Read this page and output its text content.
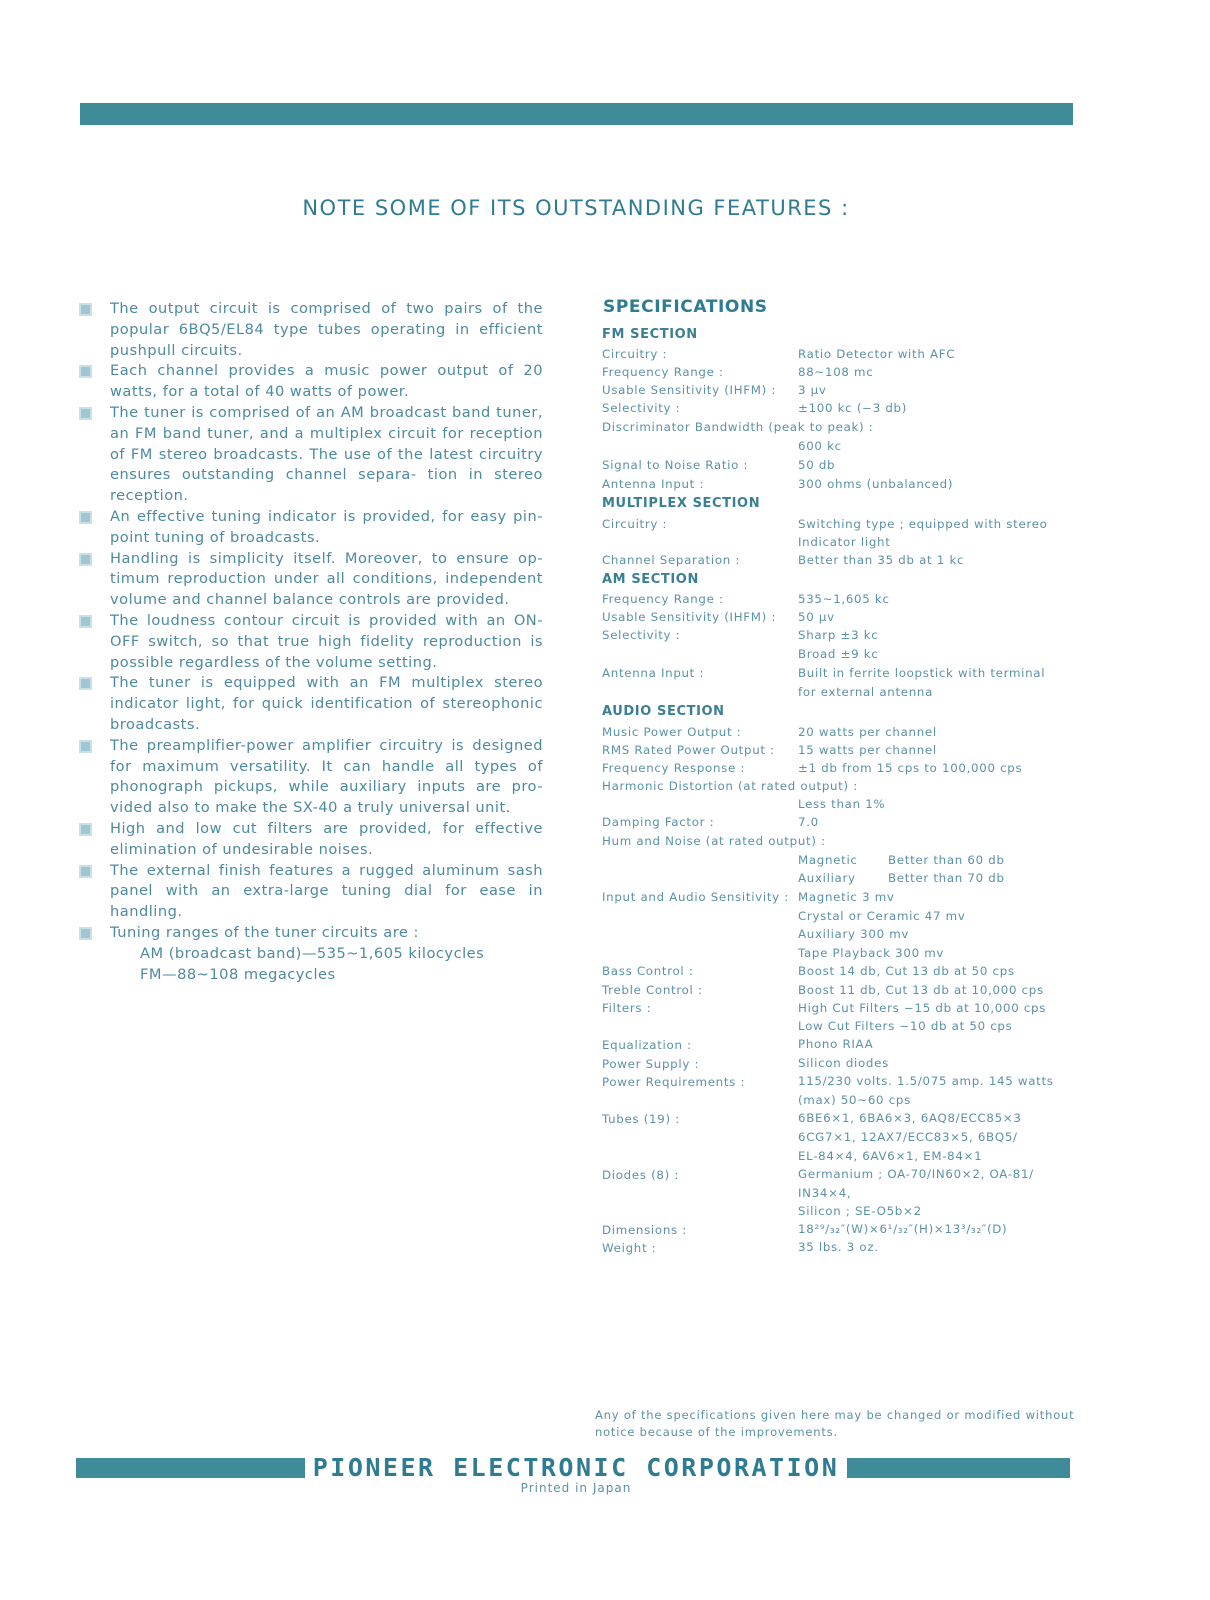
NOTE SOME OF ITS OUTSTANDING FEATURES :
The output circuit is comprised of two pairs of the popular 6BQ5/EL84 type tubes operating in efficient pushpull circuits.
Each channel provides a music power output of 20 watts, for a total of 40 watts of power.
The tuner is comprised of an AM broadcast band tuner, an FM band tuner, and a multiplex circuit for reception of FM stereo broadcasts. The use of the latest circuitry ensures outstanding channel separa- tion in stereo reception.
An effective tuning indicator is provided, for easy pin-point tuning of broadcasts.
Handling is simplicity itself. Moreover, to ensure op- timum reproduction under all conditions, independent volume and channel balance controls are provided.
The loudness contour circuit is provided with an ON-OFF switch, so that true high fidelity reproduction is possible regardless of the volume setting.
The tuner is equipped with an FM multiplex stereo indicator light, for quick identification of stereophonic broadcasts.
The preamplifier-power amplifier circuitry is designed for maximum versatility. It can handle all types of phonograph pickups, while auxiliary inputs are pro- vided also to make the SX-40 a truly universal unit.
High and low cut filters are provided, for effective elimination of undesirable noises.
The external finish features a rugged aluminum sash panel with an extra-large tuning dial for ease in handling.
Tuning ranges of the tuner circuits are :
AM (broadcast band)—535∼1,605 kilocycles
FM—88∼108 megacycles
SPECIFICATIONS
FM SECTION
Circuitry :	Ratio Detector with AFC
Frequency Range :	88∼108 mc
Usable Sensitivity (IHFM) : 3 μv
Selectivity :	±100 kc (−3 db)
Discriminator Bandwidth (peak to peak) :
600 kc
Signal to Noise Ratio :	50 db
Antenna Input :	300 ohms (unbalanced)
MULTIPLEX SECTION
Circuitry :	Switching type ; equipped with stereo
Indicator light
Channel Separation :	Better than 35 db at 1 kc
AM SECTION
Frequency Range :	535∼1,605 kc
Usable Sensitivity (IHFM) : 50 μv
Selectivity :	Sharp ±3 kc
Broad ±9 kc
Antenna Input :	Built in ferrite loopstick with terminal
for external antenna
AUDIO SECTION
Music Power Output :	20 watts per channel
RMS Rated Power Output : 15 watts per channel
Frequency Response :	±1 db from 15 cps to 100,000 cps
Harmonic Distortion (at rated output) :
Less than 1%
Damping Factor :	7.0
Hum and Noise (at rated output) :
Magnetic	Better than 60 db
Auxiliary	Better than 70 db
Input and Audio Sensitivity : Magnetic 3 mv
Crystal or Ceramic 47 mv
Auxiliary 300 mv
Tape Playback 300 mv
Bass Control :	Boost 14 db, Cut 13 db at 50 cps
Treble Control :	Boost 11 db, Cut 13 db at 10,000 cps
Filters :	High Cut Filters −15 db at 10,000 cps
Low Cut Filters −10 db at 50 cps
Equalization :	Phono RIAA
Power Supply :	Silicon diodes
Power Requirements :	115/230 volts. 1.5/075 amp. 145 watts
(max) 50∼60 cps
Tubes (19) :	6BE6×1, 6BA6×3, 6AQ8/ECC85×3
6CG7×1, 12AX7/ECC83×5, 6BQ5/
EL-84×4, 6AV6×1, EM-84×1
Diodes (8) :	Germanium ; OA-70/IN60×2, OA-81/
IN34×4,
Silicon ; SE-O5b×2
Dimensions :	18²⁹/₃₂″(W)×6¹/₃₂″(H)×13³/₃₂″(D)
Weight :	35 lbs. 3 oz.
Any of the specifications given here may be changed or modified without notice because of the improvements.
PIONEER ELECTRONIC CORPORATION
Printed in Japan
